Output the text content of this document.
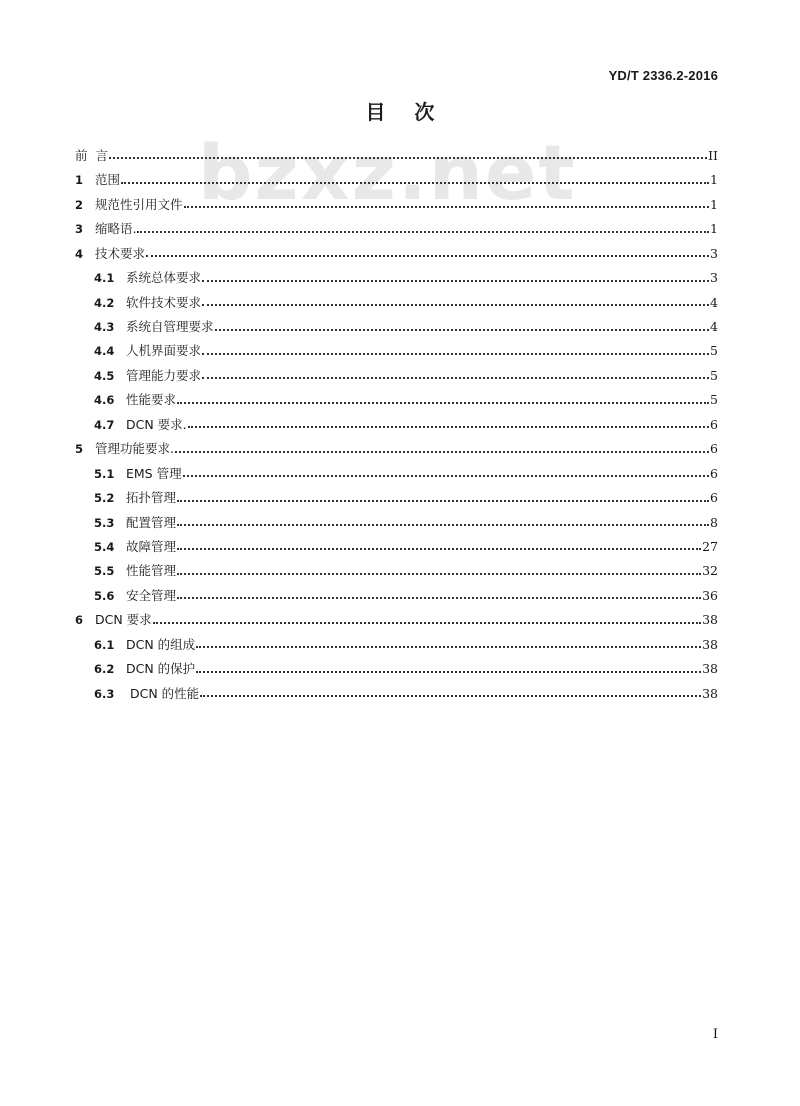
YD/T 2336.2-2016
目    次
bzxz.net
前  言	II
1 范围	1
2 规范性引用文件	1
3 缩略语.	1
4 技术要求	3
4.1 系统总体要求	3
4.2 软件技术要求	4
4.3 系统自管理要求	4
4.4 人机界面要求	5
4.5 管理能力要求	5
4.6 性能要求	5
4.7 DCN 要求.	6
5 管理功能要求.	6
5.1 EMS 管理	6
5.2 拓扑管理	6
5.3 配置管理	8
5.4 故障管理	27
5.5 性能管理	32
5.6 安全管理	36
6 DCN 要求	38
6.1 DCN 的组成	38
6.2 DCN 的保护	38
6.3 DCN 的性能	38
I
